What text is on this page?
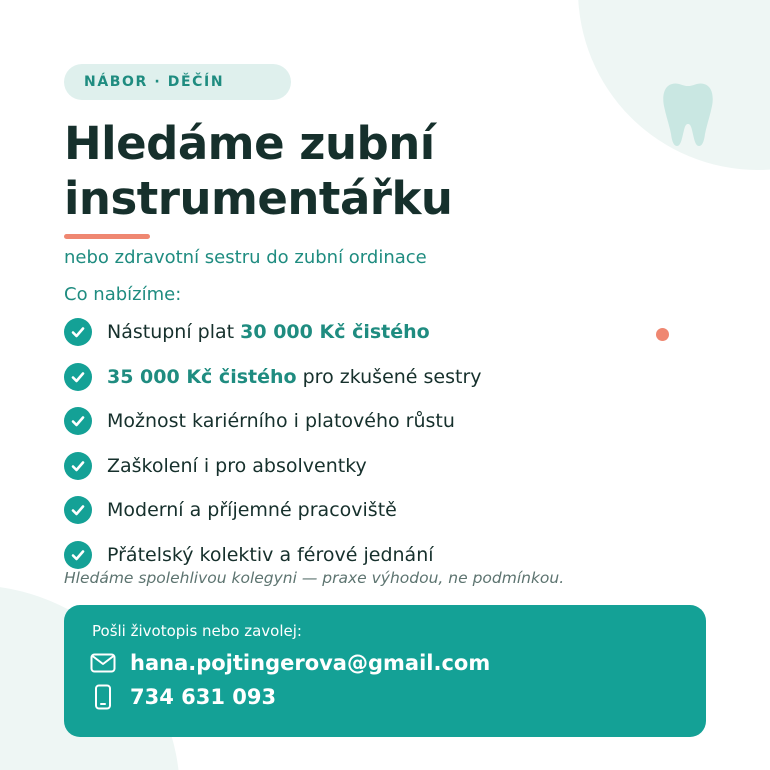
NÁBOR · DĚČÍN
Hledáme zubní
instrumentářku

nebo zdravotní sestru do zubní ordinace

Co nabízíme:

Nástupní plat 30 000 Kč čistého
35 000 Kč čistého pro zkušené sestry
Možnost kariérního i platového růstu
Zaškolení i pro absolventky
Moderní a příjemné pracoviště
Přátelský kolektiv a férové jednání

Hledáme spolehlivou kolegyni — praxe výhodou, ne podmínkou.

Pošli životopis nebo zavolej:

hana.pojtingerova@gmail.com
734 631 093
